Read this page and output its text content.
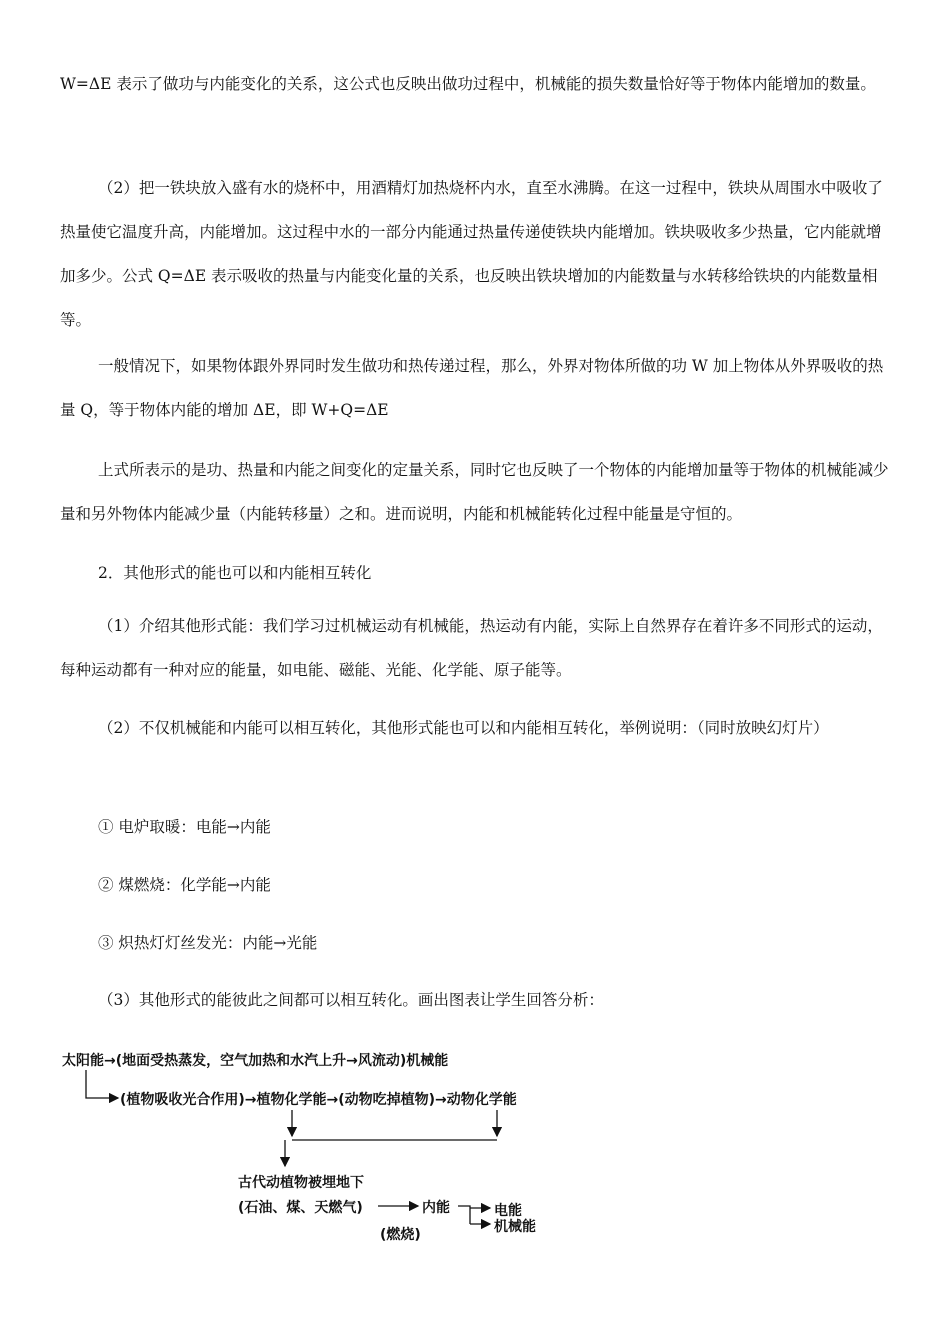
W=ΔE 表示了做功与内能变化的关系，这公式也反映出做功过程中，机械能的损失数量恰好等于物体内能增加的数量。

（2）把一铁块放入盛有水的烧杯中，用酒精灯加热烧杯内水，直至水沸腾。在这一过程中，铁块从周围水中吸收了热量使它温度升高，内能增加。这过程中水的一部分内能通过热量传递使铁块内能增加。铁块吸收多少热量，它内能就增加多少。公式 Q=ΔE 表示吸收的热量与内能变化量的关系，也反映出铁块增加的内能数量与水转移给铁块的内能数量相等。

一般情况下，如果物体跟外界同时发生做功和热传递过程，那么，外界对物体所做的功 W 加上物体从外界吸收的热量 Q，等于物体内能的增加 ΔE，即 W+Q=ΔE

上式所表示的是功、热量和内能之间变化的定量关系，同时它也反映了一个物体的内能增加量等于物体的机械能减少量和另外物体内能减少量（内能转移量）之和。进而说明，内能和机械能转化过程中能量是守恒的。

2．其他形式的能也可以和内能相互转化

（1）介绍其他形式能：我们学习过机械运动有机械能，热运动有内能，实际上自然界存在着许多不同形式的运动，每种运动都有一种对应的能量，如电能、磁能、光能、化学能、原子能等。

（2）不仅机械能和内能可以相互转化，其他形式能也可以和内能相互转化，举例说明：（同时放映幻灯片）

① 电炉取暖：电能→内能

② 煤燃烧：化学能→内能

③ 炽热灯灯丝发光：内能→光能

（3）其他形式的能彼此之间都可以相互转化。画出图表让学生回答分析：

太阳能→(地面受热蒸发，空气加热和水汽上升→风流动)机械能
(植物吸收光合作用)→植物化学能→(动物吃掉植物)→动物化学能
古代动植物被埋地下
(石油、煤、天燃气)	内能
(燃烧)
电能
机械能
